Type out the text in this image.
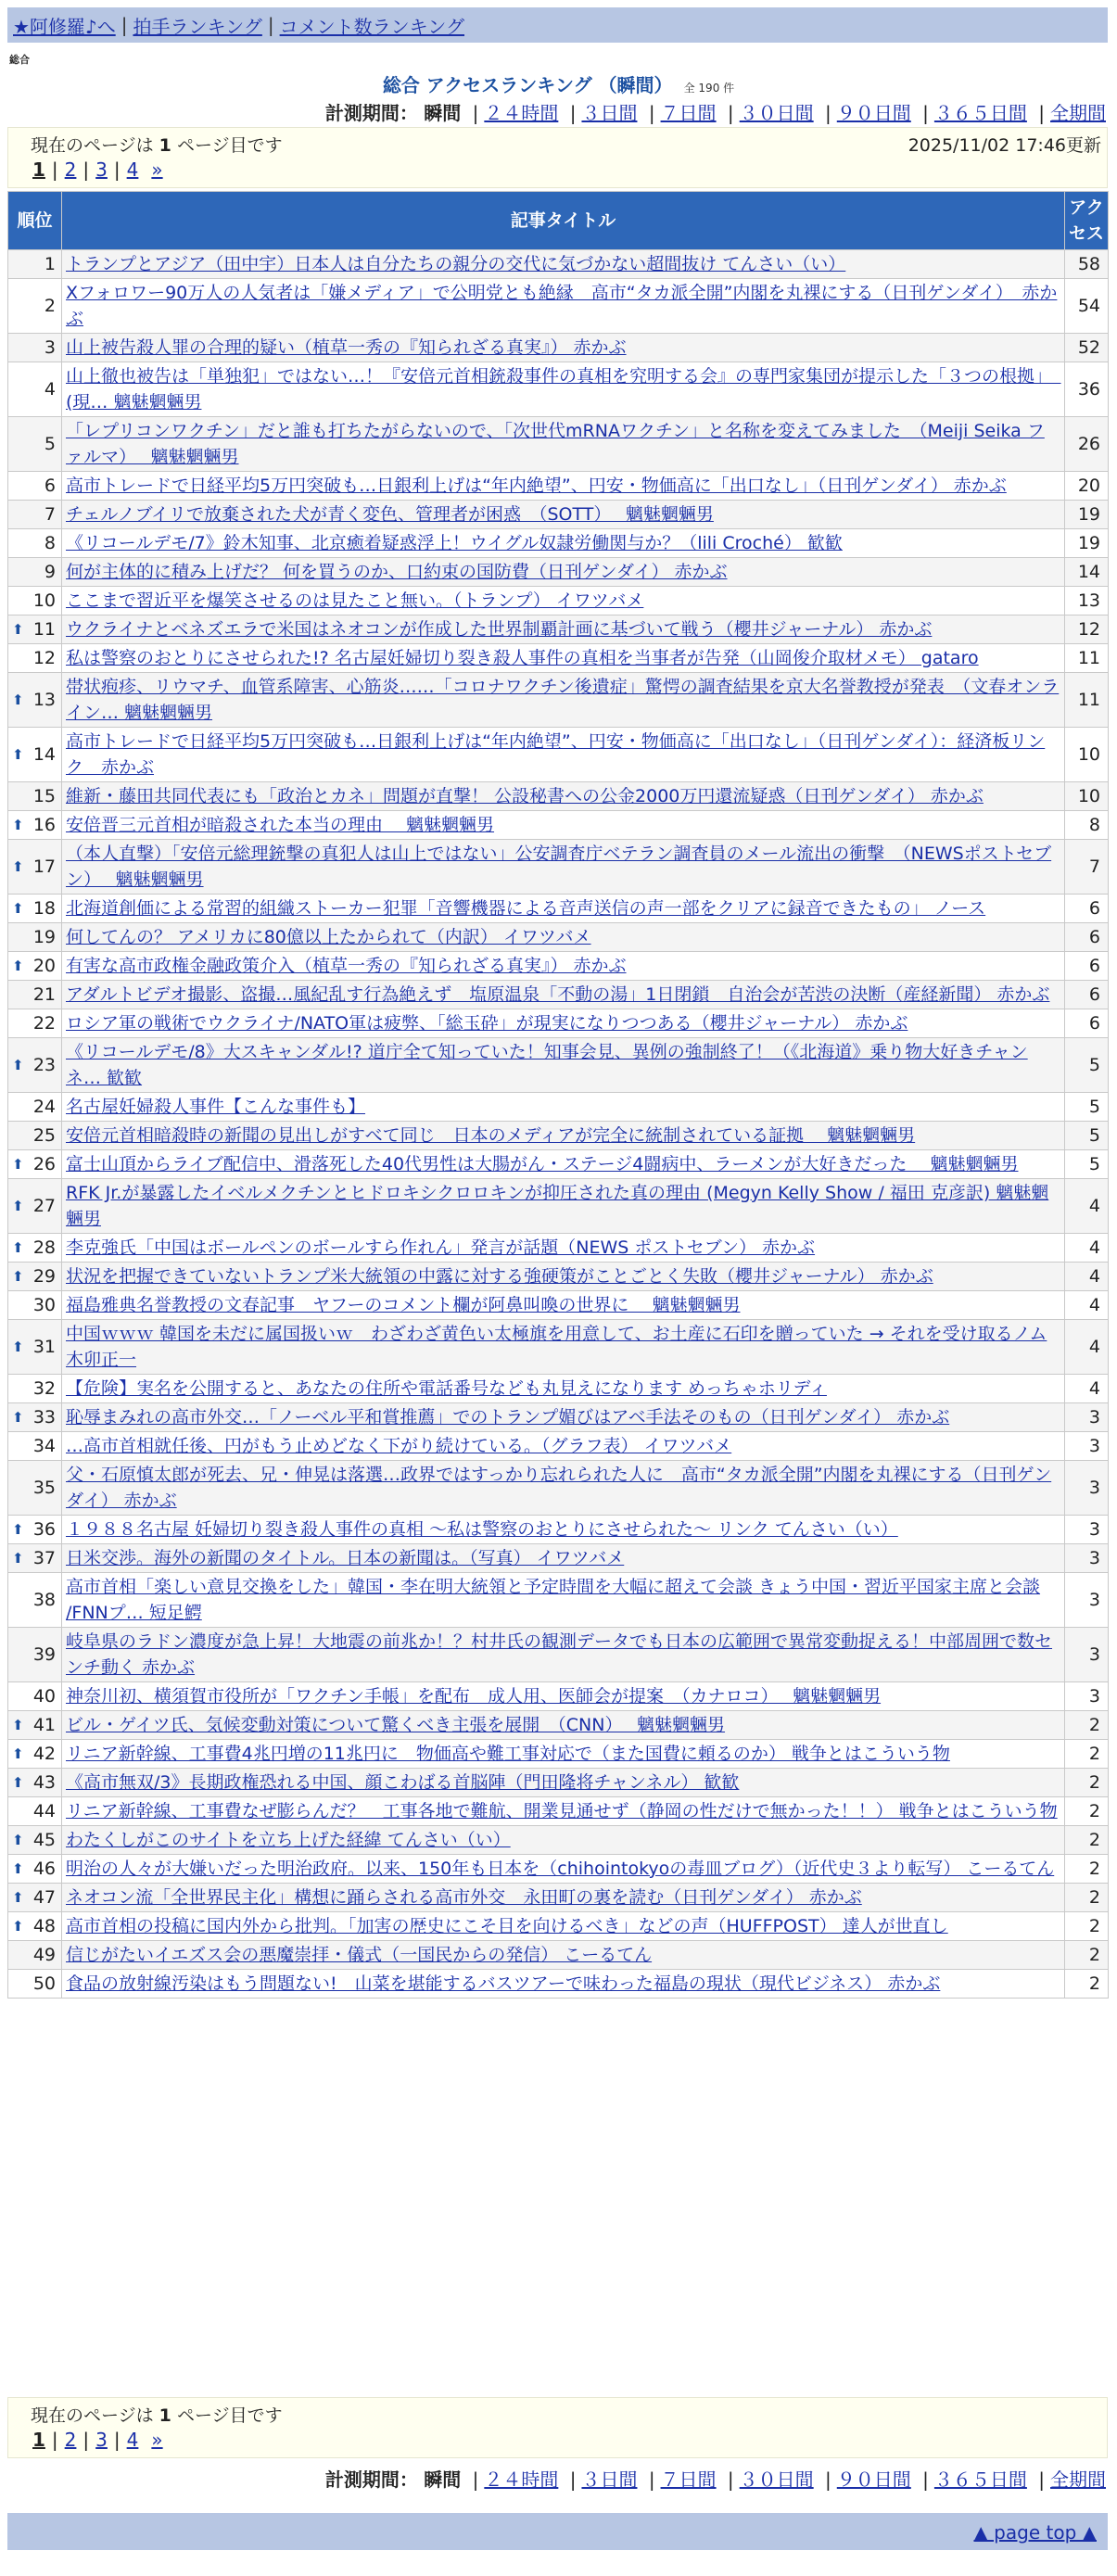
★阿修羅♪へ | 拍手ランキング | コメント数ランキング
総合
総合 アクセスランキング （瞬間） 全 190 件
計測期間： 瞬間 | ２４時間 | ３日間 | ７日間 | ３０日間 | ９０日間 | ３６５日間 | 全期間
現在のページは 1 ページ目です	2025/11/02 17:46更新
1 | 2 | 3 | 4 »
順位	記事タイトル	アクセス
1	トランプとアジア（田中宇）日本人は自分たちの親分の交代に気づかない超間抜け てんさい（い）	58
2	Xフォロワー90万人の人気者は「嫌メディア」で公明党とも絶縁　高市“タカ派全開”内閣を丸裸にする（日刊ゲンダイ）　赤かぶ	54
3	山上被告殺人罪の合理的疑い（植草一秀の『知られざる真実』） 赤かぶ	52
4	山上徹也被告は「単独犯」ではない…！『安倍元首相銃殺事件の真相を究明する会』の専門家集団が提示した「３つの根拠」　(現… 魑魅魍魎男	36
5	「レプリコンワクチン」だと誰も打ちたがらないので、「次世代mRNAワクチン」と名称を変えてみました　（Meiji Seika ファルマ）　 魑魅魍魎男	26
6	高市トレードで日経平均5万円突破も…日銀利上げは“年内絶望”、円安・物価高に「出口なし」（日刊ゲンダイ） 赤かぶ	20
7	チェルノブイリで放棄された犬が青く変色、管理者が困惑　（SOTT）　 魑魅魍魎男	19
8	《リコールデモ/7》鈴木知事、北京癒着疑惑浮上！ウイグル奴隷労働関与か？（lili Croché） 歓歓	19
9	何が主体的に積み上げだ？ 何を買うのか、口約束の国防費（日刊ゲンダイ） 赤かぶ	14
10	ここまで習近平を爆笑させるのは見たこと無い。（トランプ） イワツバメ	13

⬆ 11	ウクライナとベネズエラで米国はネオコンが作成した世界制覇計画に基づいて戦う（櫻井ジャーナル） 赤かぶ	12
12	私は警察のおとりにさせられた!? 名古屋妊婦切り裂き殺人事件の真相を当事者が告発（山岡俊介取材メモ） gataro	11

⬆ 13	帯状疱疹、リウマチ、血管系障害、心筋炎……「コロナワクチン後遺症」驚愕の調査結果を京大名誉教授が発表　（文春オンライン… 魑魅魍魎男	11

⬆ 14	高市トレードで日経平均5万円突破も…日銀利上げは“年内絶望”、円安・物価高に「出口なし」（日刊ゲンダイ）：経済板リンク　赤かぶ	10
15	維新・藤田共同代表にも「政治とカネ」問題が直撃！ 公設秘書への公金2000万円還流疑惑（日刊ゲンダイ） 赤かぶ	10

⬆ 16	安倍晋三元首相が暗殺された本当の理由　 魑魅魍魎男	8

⬆ 17	（本人直撃）「安倍元総理銃撃の真犯人は山上ではない」公安調査庁ベテラン調査員のメール流出の衝撃　（NEWSポストセブン）　 魑魅魍魎男	7

⬆ 18	北海道創価による常習的組織ストーカー犯罪「音響機器による音声送信の声一部をクリアに録音できたもの」 ノース	6
19	何してんの？ アメリカに80億以上たかられて（内訳） イワツバメ	6

⬆ 20	有害な高市政権金融政策介入（植草一秀の『知られざる真実』） 赤かぶ	6
21	アダルトビデオ撮影、盗撮…風紀乱す行為絶えず　塩原温泉「不動の湯」1日閉鎖　自治会が苦渋の決断（産経新聞） 赤かぶ	6
22	ロシア軍の戦術でウクライナ/NATO軍は疲弊、「総玉砕」が現実になりつつある（櫻井ジャーナル） 赤かぶ	6

⬆ 23	《リコールデモ/8》大スキャンダル!? 道庁全て知っていた！知事会見、異例の強制終了！（《北海道》乗り物大好きチャンネ… 歓歓	5
24	名古屋妊婦殺人事件【こんな事件も】	5
25	安倍元首相暗殺時の新聞の見出しがすべて同じ　日本のメディアが完全に統制されている証拠　 魑魅魍魎男	5

⬆ 26	富士山頂からライブ配信中、滑落死した40代男性は大腸がん・ステージ4闘病中、ラーメンが大好きだった　 魑魅魍魎男	5

⬆ 27	RFK Jr.が暴露したイベルメクチンとヒドロキシクロロキンが抑圧された真の理由 (Megyn Kelly Show / 福田 克彦訳) 魑魅魍魎男	4

⬆ 28	李克強氏「中国はボールペンのボールすら作れん」発言が話題（NEWS ポストセブン） 赤かぶ	4

⬆ 29	状況を把握できていないトランプ米大統領の中露に対する強硬策がことごとく失敗（櫻井ジャーナル） 赤かぶ	4
30	福島雅典名誉教授の文春記事　ヤフーのコメント欄が阿鼻叫喚の世界に　 魑魅魍魎男	4

⬆ 31	中国ｗｗｗ 韓国を未だに属国扱いｗ　わざわざ黄色い太極旗を用意して、お土産に石印を贈っていた → それを受け取るノム 木卯正一	4
32	【危険】実名を公開すると、あなたの住所や電話番号なども丸見えになります めっちゃホリディ	4

⬆ 33	恥辱まみれの高市外交…「ノーベル平和賞推薦」でのトランプ媚びはアベ手法そのもの（日刊ゲンダイ） 赤かぶ	3
34	…高市首相就任後、円がもう止めどなく下がり続けている。（グラフ表） イワツバメ	3
35	父・石原慎太郎が死去、兄・伸晃は落選…政界ではすっかり忘れられた人に　高市“タカ派全開”内閣を丸裸にする（日刊ゲンダイ） 赤かぶ	3

⬆ 36	１９８８名古屋 妊婦切り裂き殺人事件の真相 ～私は警察のおとりにさせられた～ リンク てんさい（い）	3

⬆ 37	日米交渉。海外の新聞のタイトル。日本の新聞は。（写真） イワツバメ	3
38	高市首相「楽しい意見交換をした」韓国・李在明大統領と予定時間を大幅に超えて会談 きょう中国・習近平国家主席と会談 /FNNプ… 短足鰐	3
39	岐阜県のラドン濃度が急上昇！大地震の前兆か！？村井氏の観測データでも日本の広範囲で異常変動捉える！中部周囲で数センチ動く 赤かぶ	3
40	神奈川初、横須賀市役所が「ワクチン手帳」を配布　成人用、医師会が提案　（カナロコ）　 魑魅魍魎男	3

⬆ 41	ビル・ゲイツ氏、気候変動対策について驚くべき主張を展開　（CNN）　 魑魅魍魎男	2

⬆ 42	リニア新幹線、工事費4兆円増の11兆円に　物価高や難工事対応で（また国費に頼るのか） 戦争とはこういう物	2

⬆ 43	《高市無双/3》長期政権恐れる中国、顔こわばる首脳陣（門田隆将チャンネル） 歓歓	2
44	リニア新幹線、工事費なぜ膨らんだ？　工事各地で難航、開業見通せず（静岡の性だけで無かった！！） 戦争とはこういう物	2

⬆ 45	わたくしがこのサイトを立ち上げた経緯 てんさい（い）	2

⬆ 46	明治の人々が大嫌いだった明治政府。以来、150年も日本を（chihointokyoの毒皿ブログ）（近代史３より転写） こーるてん	2

⬆ 47	ネオコン流「全世界民主化」構想に踊らされる高市外交　永田町の裏を読む（日刊ゲンダイ） 赤かぶ	2

⬆ 48	高市首相の投稿に国内外から批判。「加害の歴史にこそ目を向けるべき」などの声（HUFFPOST） 達人が世直し	2
49	信じがたいイエズス会の悪魔崇拝・儀式（一国民からの発信） こーるてん	2
50	食品の放射線汚染はもう問題ない!　山菜を堪能するバスツアーで味わった福島の現状（現代ビジネス） 赤かぶ	2
現在のページは 1 ページ目です
1 | 2 | 3 | 4 »
計測期間： 瞬間 | ２４時間 | ３日間 | ７日間 | ３０日間 | ９０日間 | ３６５日間 | 全期間
▲ page top ▲
